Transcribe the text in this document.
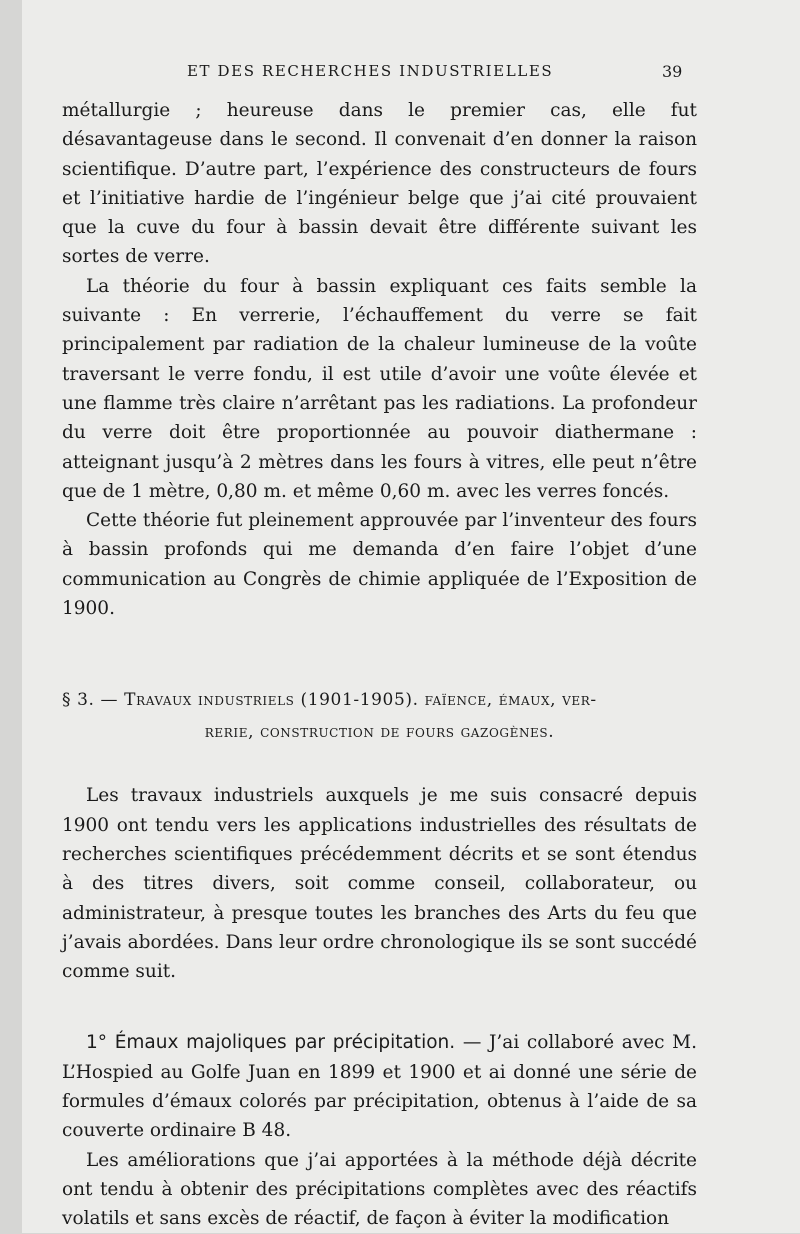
ET DES RECHERCHES INDUSTRIELLES	39

métallurgie ; heureuse dans le premier cas, elle fut désavantageuse dans le second. Il convenait d’en donner la raison scientifique. D’autre part, l’expérience des constructeurs de fours et l’initiative hardie de l’ingénieur belge que j’ai cité prouvaient que la cuve du four à bassin devait être différente suivant les sortes de verre.

La théorie du four à bassin expliquant ces faits semble la suivante : En verrerie, l’échauffement du verre se fait principalement par radiation de la chaleur lumineuse de la voûte traversant le verre fondu, il est utile d’avoir une voûte élevée et une flamme très claire n’arrêtant pas les radiations. La profondeur du verre doit être proportionnée au pouvoir diathermane : atteignant jusqu’à 2 mètres dans les fours à vitres, elle peut n’être que de 1 mètre, 0,80 m. et même 0,60 m. avec les verres foncés.

Cette théorie fut pleinement approuvée par l’inventeur des fours à bassin profonds qui me demanda d’en faire l’objet d’une communication au Congrès de chimie appliquée de l’Exposition de 1900.

§ 3. — Travaux industriels (1901-1905). faïence, émaux, ver-
rerie, construction de fours gazogènes.

Les travaux industriels auxquels je me suis consacré depuis 1900 ont tendu vers les applications industrielles des résultats de recherches scientifiques précédemment décrits et se sont étendus à des titres divers, soit comme conseil, collaborateur, ou administrateur, à presque toutes les branches des Arts du feu que j’avais abordées. Dans leur ordre chronologique ils se sont succédé comme suit.

1° Émaux majoliques par précipitation. — J’ai collaboré avec M. L’Hospied au Golfe Juan en 1899 et 1900 et ai donné une série de formules d’émaux colorés par précipitation, obtenus à l’aide de sa couverte ordinaire B 48.

Les améliorations que j’ai apportées à la méthode déjà décrite ont tendu à obtenir des précipitations complètes avec des réactifs volatils et sans excès de réactif, de façon à éviter la modification
